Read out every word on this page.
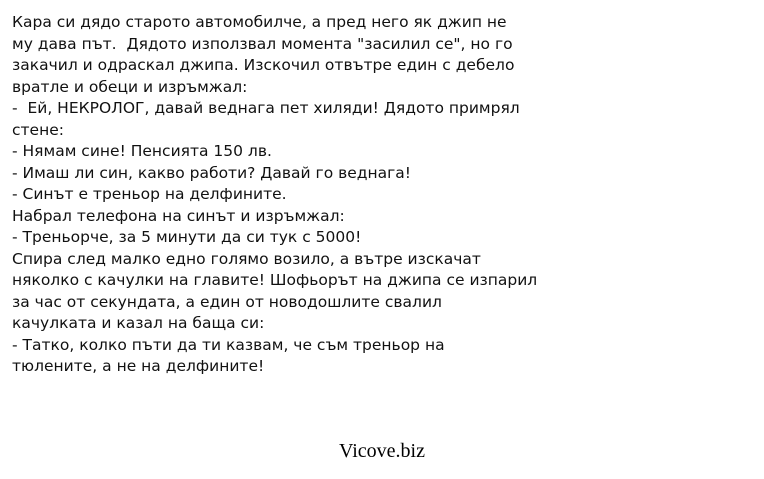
Кара си дядо старото автомобилче, а пред него як джип не
му дава път.  Дядото използвал момента "засилил се", но го
закачил и одраскал джипа. Изскочил отвътре един с дебело
вратле и обеци и изръмжал:
-  Ей, НЕКРОЛОГ, давай веднага пет хиляди! Дядото примрял
стене:
- Нямам сине! Пенсията 150 лв.
- Имаш ли син, какво работи? Давай го веднага!
- Синът е треньор на делфините.
Набрал телефона на синът и изръмжал:
- Треньорче, за 5 минути да си тук с 5000!
Спира след малко едно голямо возило, а вътре изскачат
няколко с качулки на главите! Шофьорът на джипа се изпарил
за час от секундата, а един от новодошлите свалил
качулката и казал на баща си:
- Татко, колко пъти да ти казвам, че съм треньор на
тюлените, а не на делфините!
Vicove.biz
